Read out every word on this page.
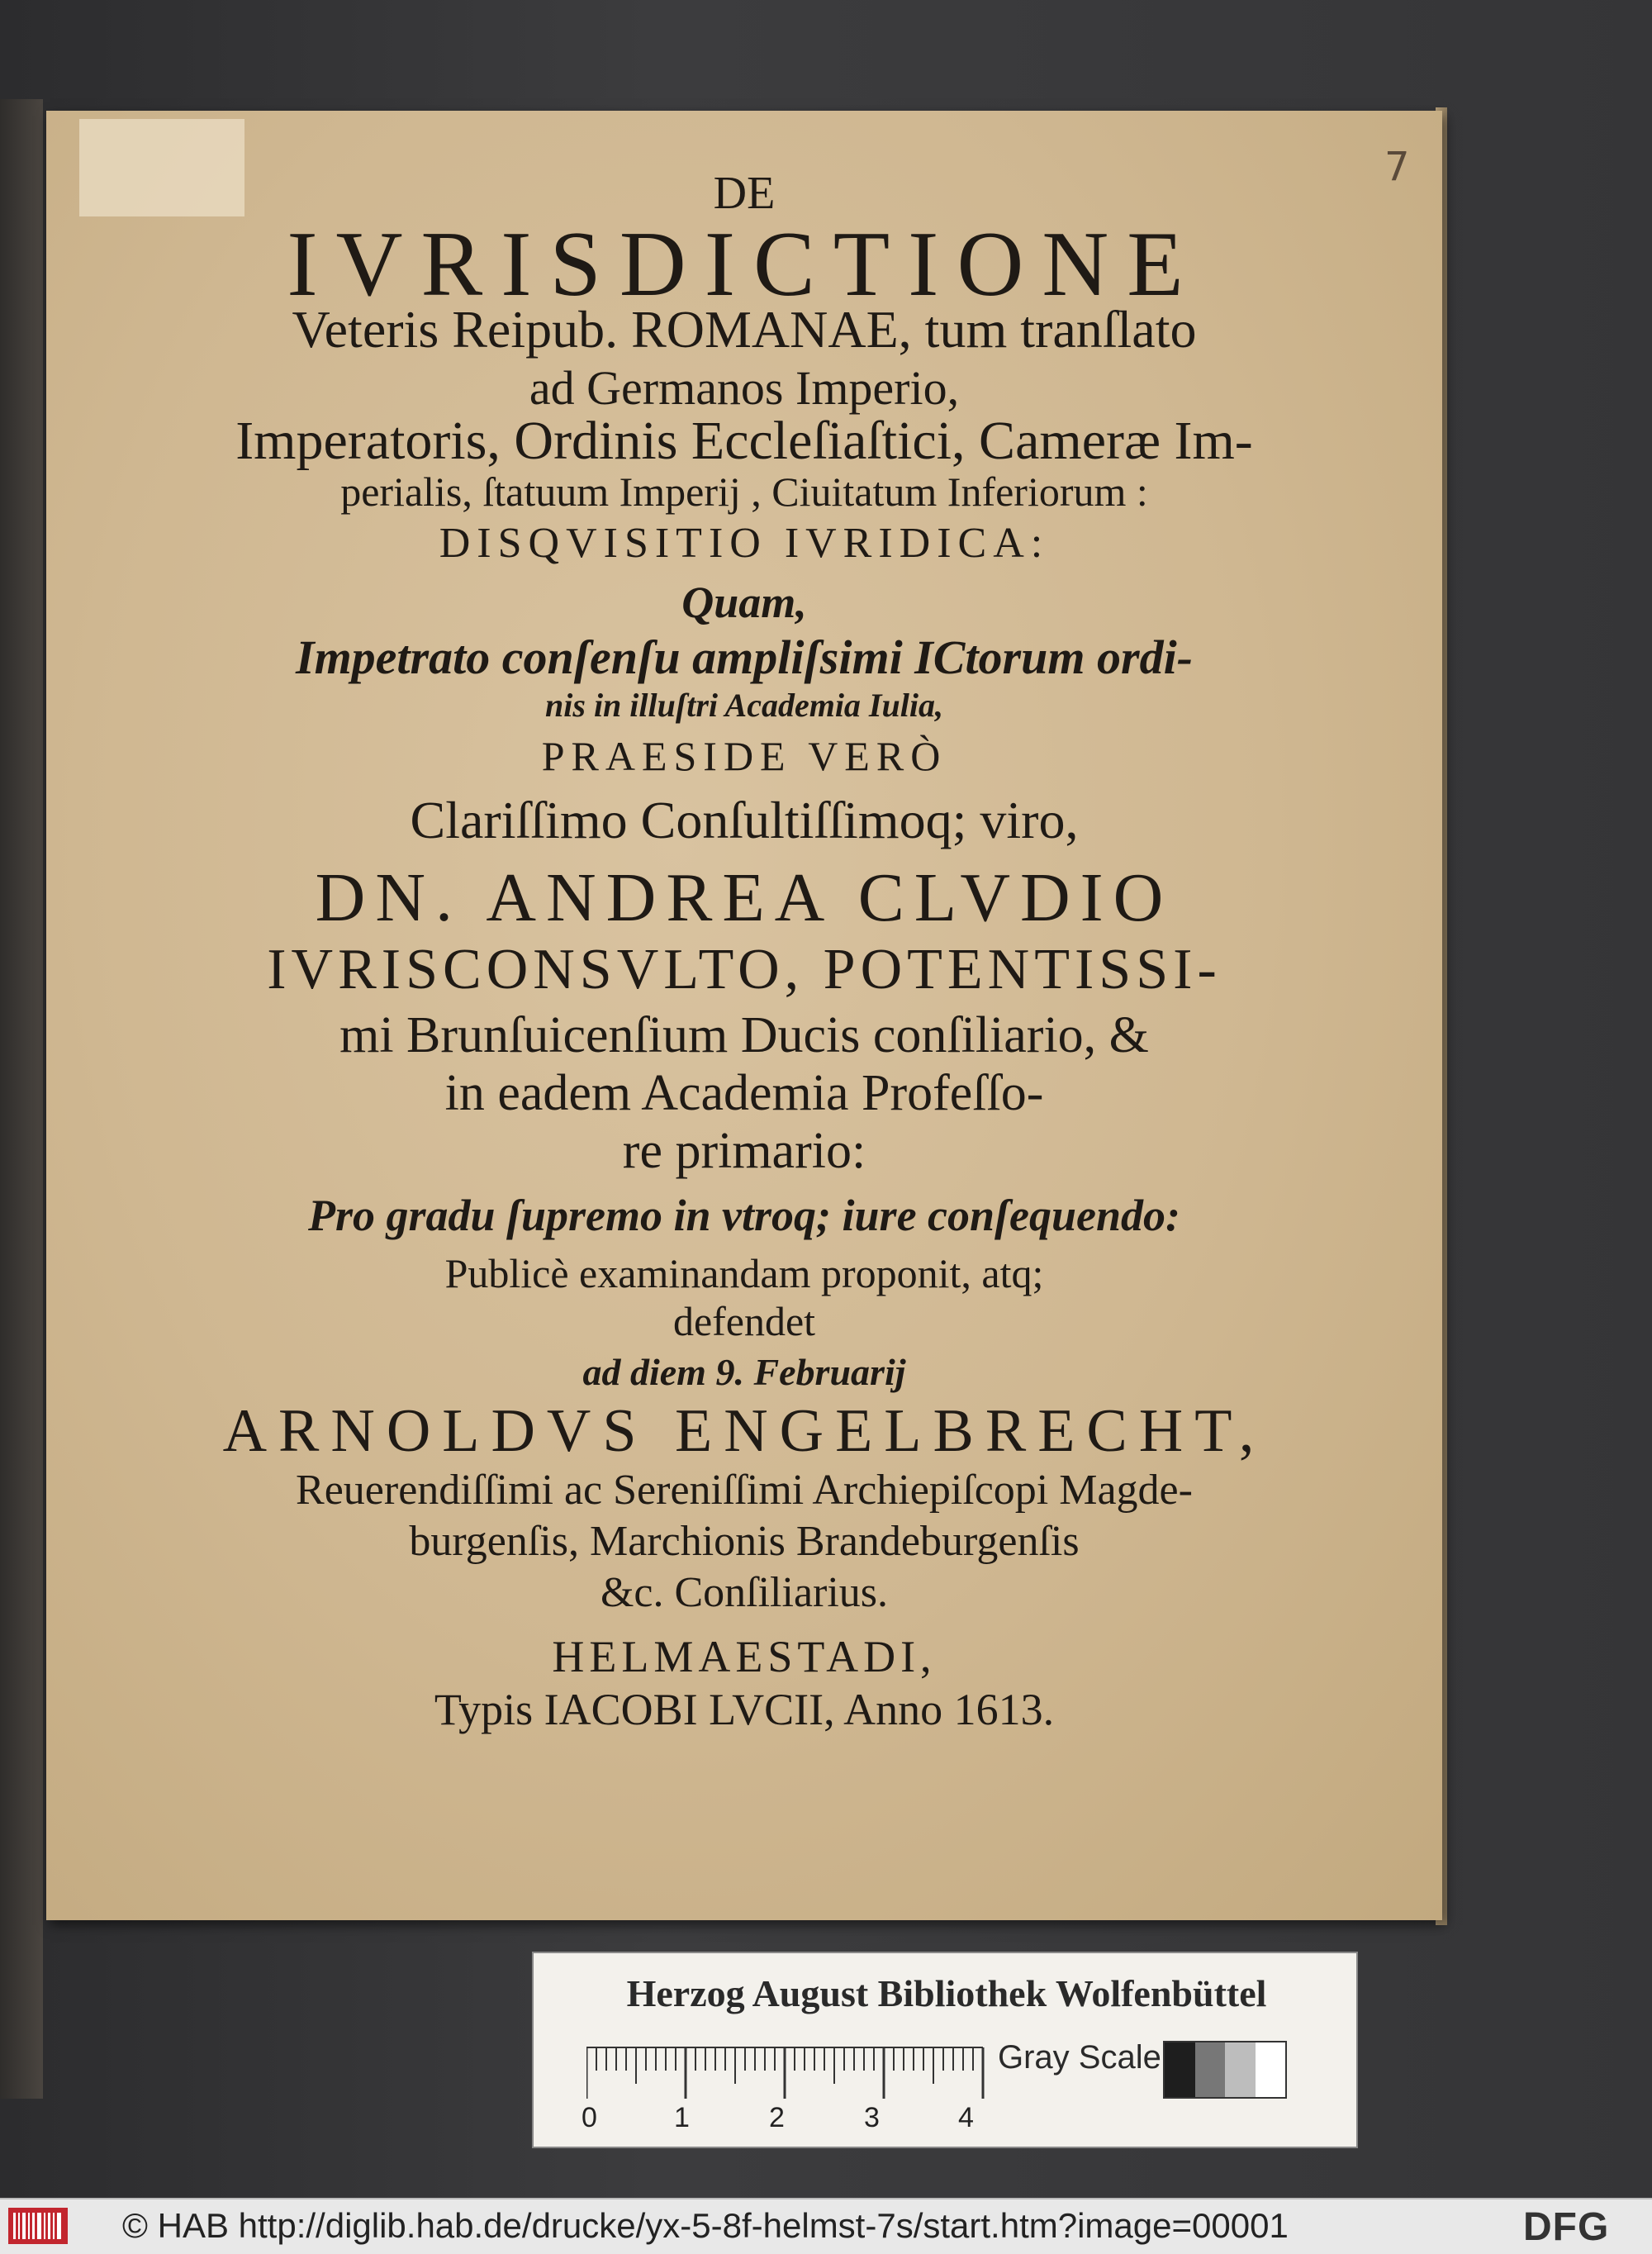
7

DE

IVRISDICTIONE

Veteris Reipub. ROMANAE, tum tranſlato

ad Germanos Imperio,

Imperatoris, Ordinis Eccleſiaſtici, Cameræ Im-

perialis, ſtatuum Imperij , Ciuitatum Inferiorum :

DISQVISITIO IVRIDICA:

Quam,

Impetrato conſenſu ampliſsimi ICtorum ordi-

nis in illuſtri Academia Iulia,

PRAESIDE VERÒ

Clariſſimo Conſultiſſimoq; viro,

DN. ANDREA CLVDIO

IVRISCONSVLTO, POTENTISSI-

mi Brunſuicenſium Ducis conſiliario, &

in eadem Academia Profeſſo-

re primario:

Pro gradu ſupremo in vtroq; iure conſequendo:

Publicè examinandam proponit, atq;

defendet

ad diem 9. Februarij

ARNOLDVS ENGELBRECHT,

Reuerendiſſimi ac Sereniſſimi Archiepiſcopi Magde-

burgenſis, Marchionis Brandeburgenſis

&c. Conſiliarius.

HELMAESTADI,

Typis IACOBI LVCII, Anno 1613.

Herzog August Bibliothek Wolfenbüttel
0	1	2	3	4
Gray Scale
© HAB http://diglib.hab.de/drucke/yx-5-8f-helmst-7s/start.htm?image=00001	DFG
